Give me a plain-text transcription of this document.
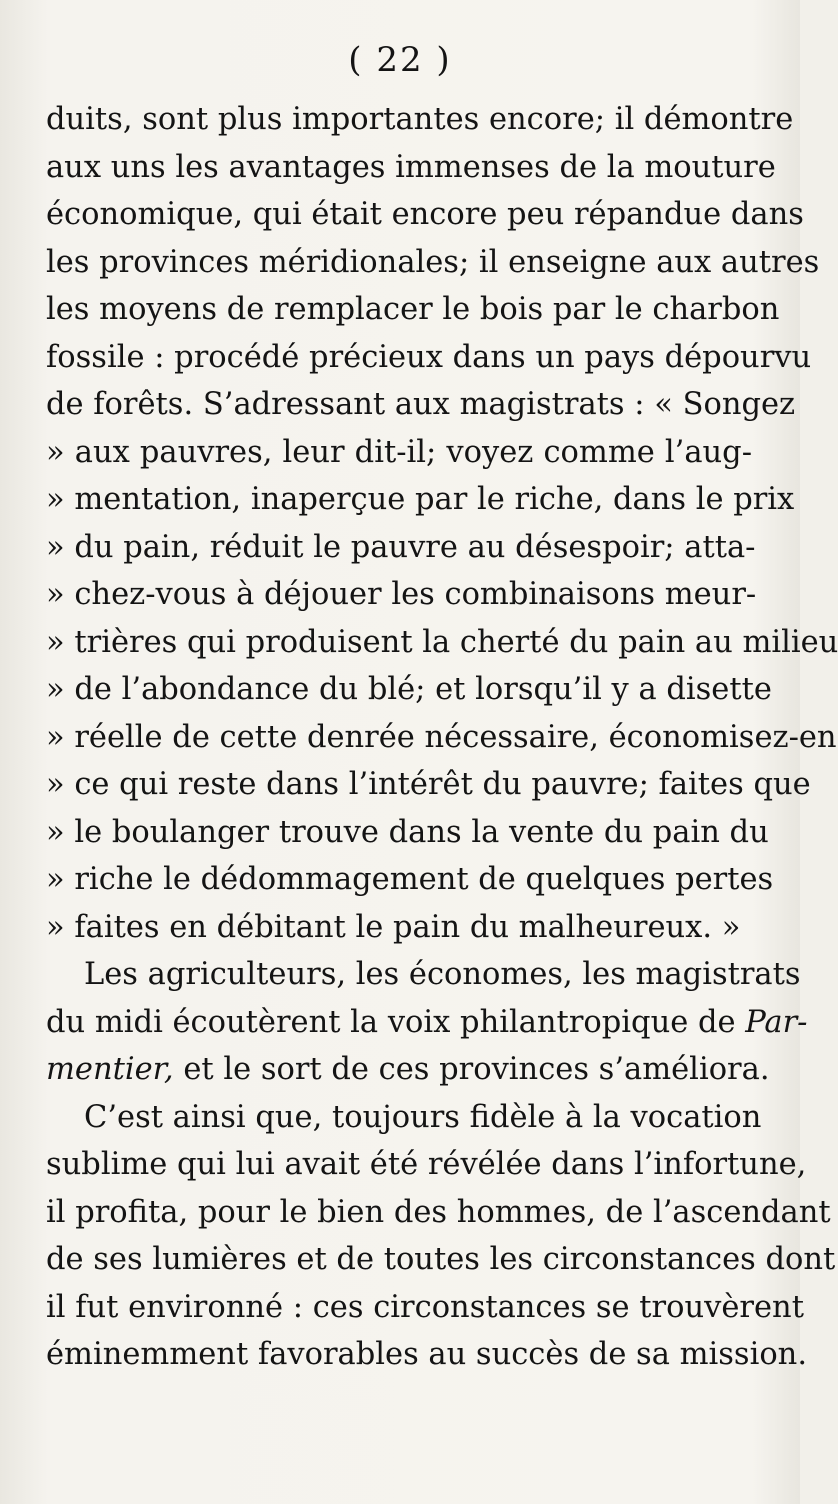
( 22 )
duits, sont plus importantes encore; il démontre
aux uns les avantages immenses de la mouture
économique, qui était encore peu répandue dans
les provinces méridionales; il enseigne aux autres
les moyens de remplacer le bois par le charbon
fossile : procédé précieux dans un pays dépourvu
de forêts. S’adressant aux magistrats : « Songez
» aux pauvres, leur dit-il; voyez comme l’aug-
» mentation, inaperçue par le riche, dans le prix
» du pain, réduit le pauvre au désespoir; atta-
» chez-vous à déjouer les combinaisons meur-
» trières qui produisent la cherté du pain au milieu
» de l’abondance du blé; et lorsqu’il y a disette
» réelle de cette denrée nécessaire, économisez-en
» ce qui reste dans l’intérêt du pauvre; faites que
» le boulanger trouve dans la vente du pain du
» riche le dédommagement de quelques pertes
» faites en débitant le pain du malheureux. »
Les agriculteurs, les économes, les magistrats
du midi écoutèrent la voix philantropique de Par-
mentier, et le sort de ces provinces s’améliora.
C’est ainsi que, toujours fidèle à la vocation
sublime qui lui avait été révélée dans l’infortune,
il profita, pour le bien des hommes, de l’ascendant
de ses lumières et de toutes les circonstances dont
il fut environné : ces circonstances se trouvèrent
éminemment favorables au succès de sa mission.
